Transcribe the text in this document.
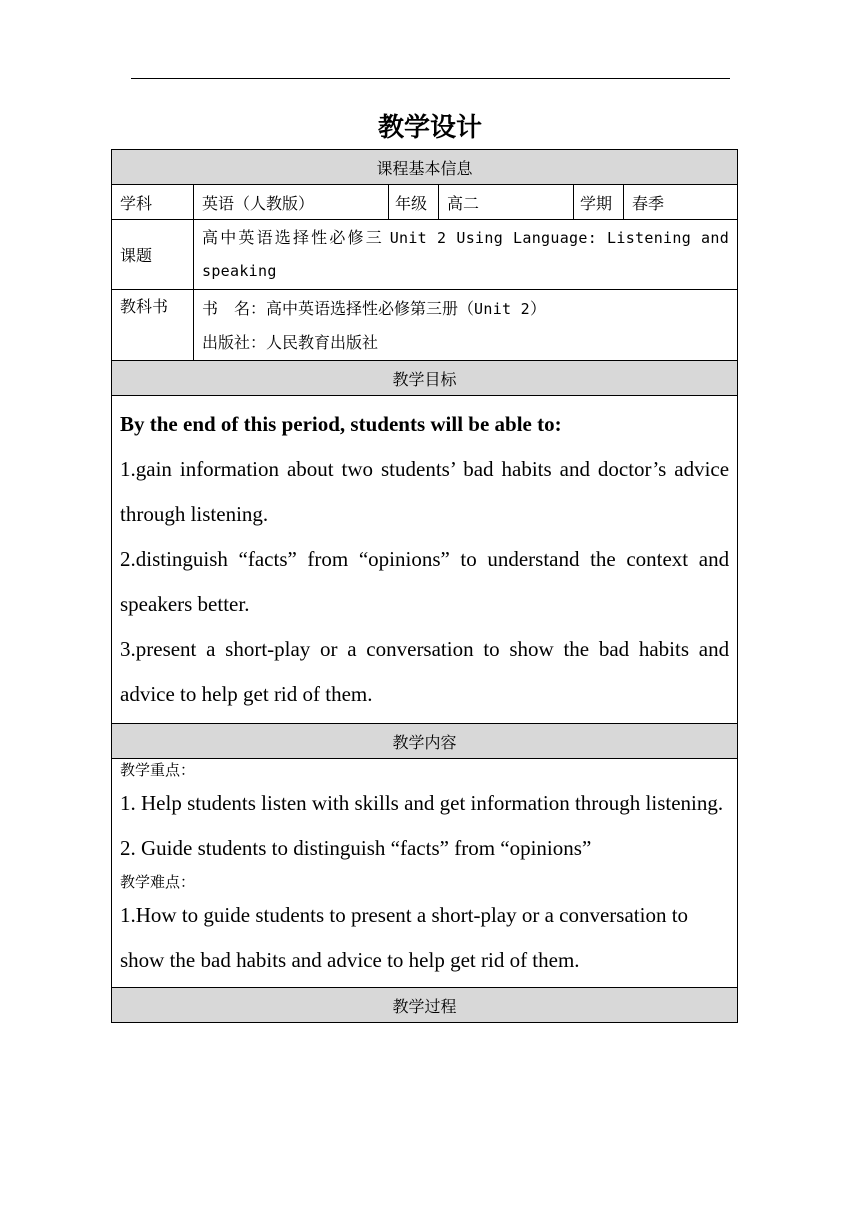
教学设计
课程基本信息					
学科	英语（人教版）	年级	高二	学期	春季
课题	高中英语选择性必修三 Unit 2 Using Language: Listening and
speaking				

教科书	书　名：高中英语选择性必修第三册（Unit 2）
出版社：人民教育出版社				

教学目标					

By the end of this period, students will be able to:

1.gain information about two students’ bad habits and doctor’s advice through listening.

2.distinguish “facts” from “opinions” to understand the context and speakers better.

3.present a short-play or a conversation to show the bad habits and advice to help get rid of them.					

教学内容					

教学重点：

1. Help students listen with skills and get information through listening.

2. Guide students to distinguish “facts” from “opinions”

教学难点：

1.How to guide students to present a short-play or a conversation to show the bad habits and advice to help get rid of them.					

教学过程					
